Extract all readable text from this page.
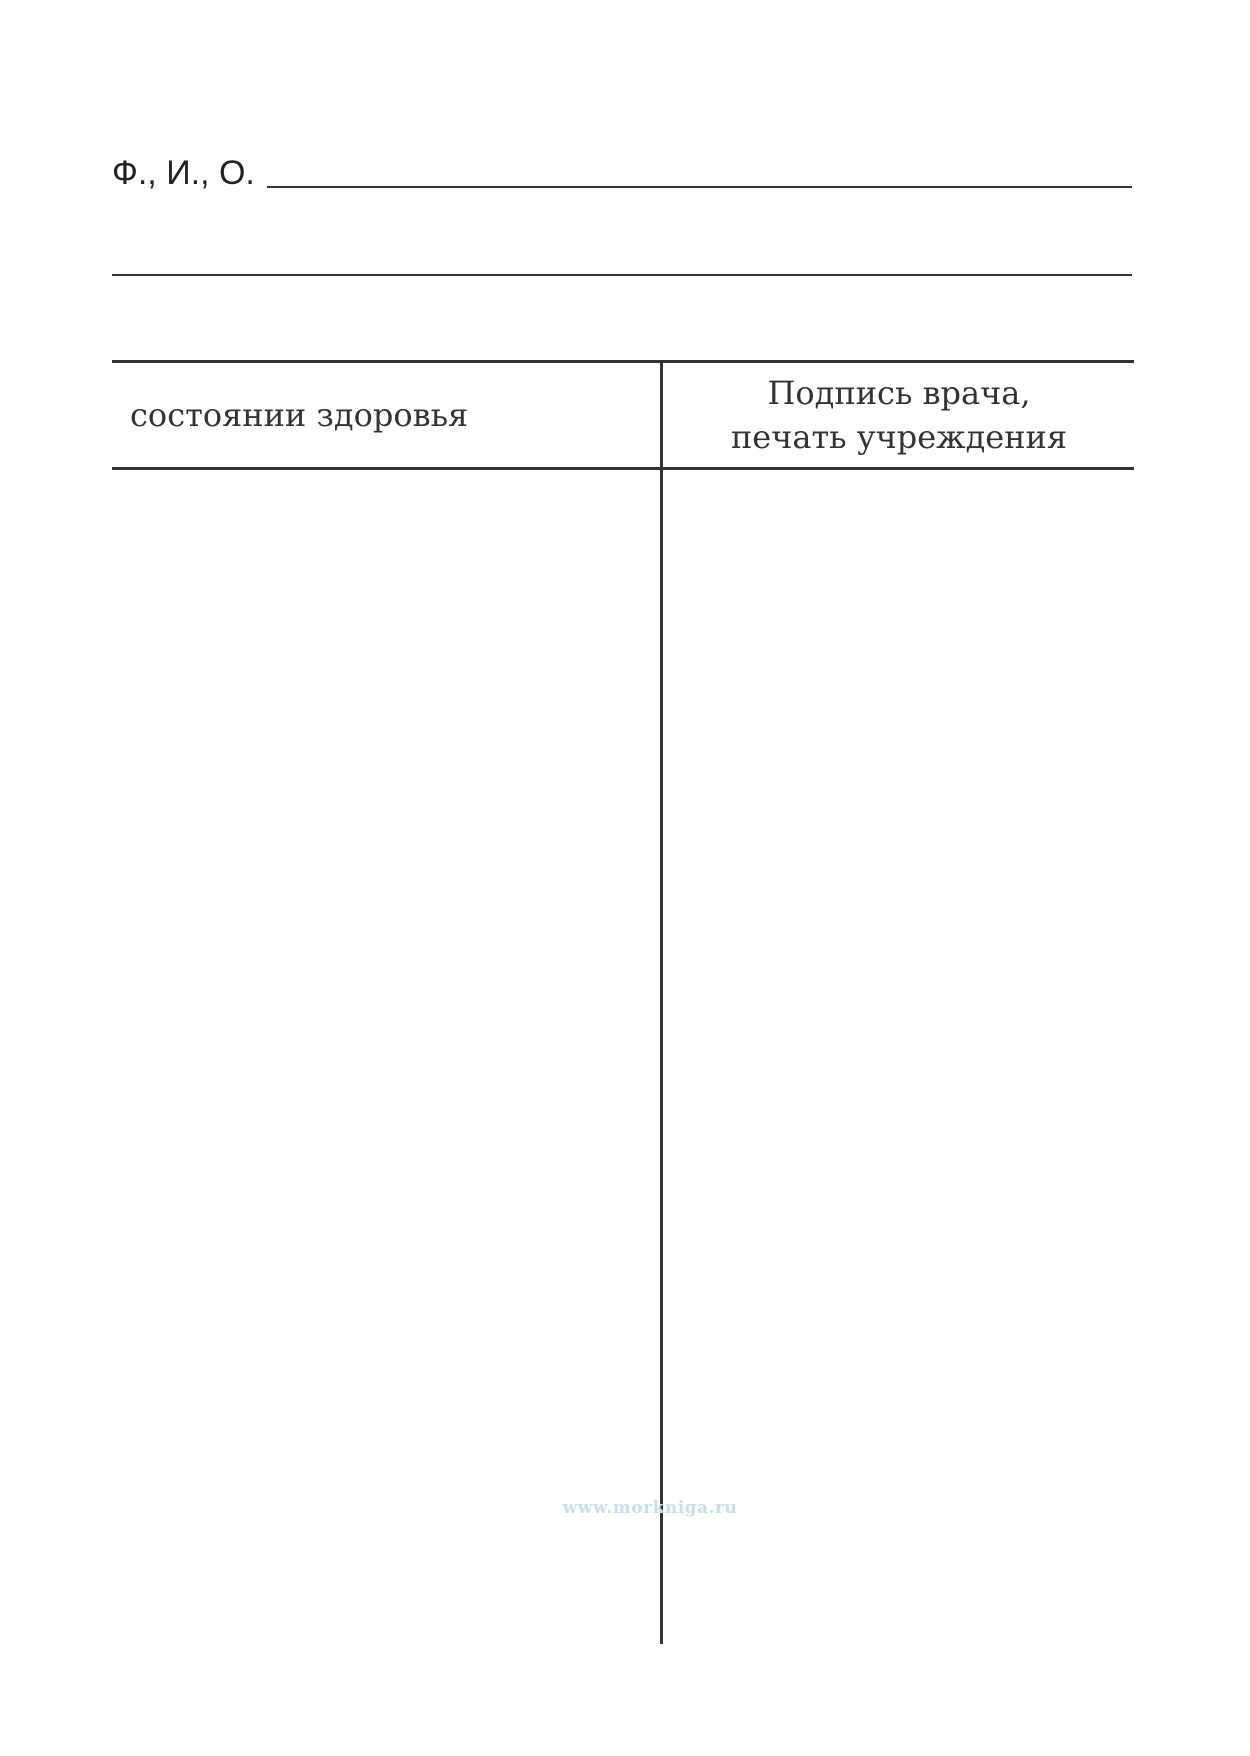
Ф., И., О.
состоянии здоровья
Подпись врача,
печать учреждения
www.morkniga.ru
